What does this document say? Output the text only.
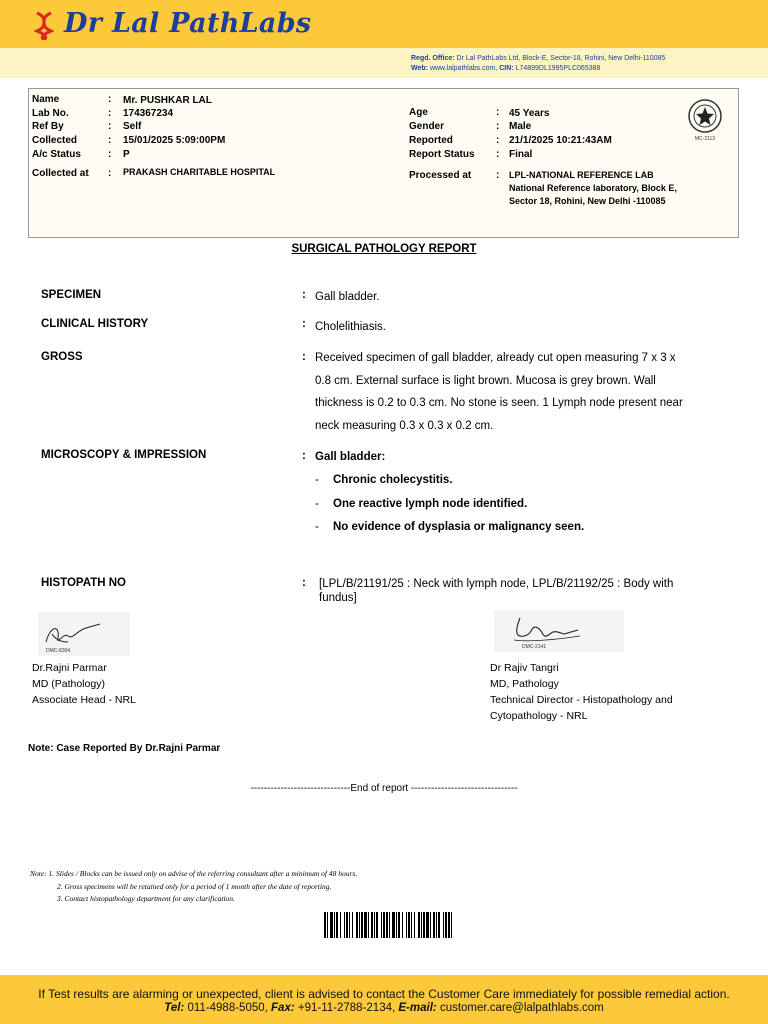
Dr Lal PathLabs
Regd. Office: Dr Lal PathLabs Ltd, Block-E, Sector-18, Rohini, New Delhi-110085
Web: www.lalpathlabs.com, CIN: L74899DL1995PLC065388
Name	: Mr. PUSHKAR LAL
Lab No.	: 174367234
Ref By	: Self
Collected	: 15/01/2025 5:09:00PM
A/c Status	: P
Collected at : PRAKASH CHARITABLE HOSPITAL
Age	: 45 Years
Gender	: Male
Reported	: 21/1/2025 10:21:43AM
Report Status : Final
Processed at : LPL-NATIONAL REFERENCE LAB
National Reference laboratory, Block E,
Sector 18, Rohini, New Delhi -110085
MC-2113
SURGICAL PATHOLOGY REPORT
SPECIMEN	: Gall bladder.
CLINICAL HISTORY	: Cholelithiasis.
GROSS	: Received specimen of gall bladder, already cut open measuring 7 x 3 x 0.8 cm. External surface is light brown. Mucosa is grey brown. Wall thickness is 0.2 to 0.3 cm. No stone is seen. 1 Lymph node present near neck measuring 0.3 x 0.3 x 0.2 cm.
MICROSCOPY & IMPRESSION	: Gall bladder:
- Chronic cholecystitis.
- One reactive lymph node identified.
- No evidence of dysplasia or malignancy seen.
HISTOPATH NO	: [LPL/B/21191/25 : Neck with lymph node, LPL/B/21192/25 : Body with fundus]
DMC-8304
DMC-2141
Dr.Rajni Parmar
MD (Pathology)
Associate Head - NRL
Dr Rajiv Tangri
MD, Pathology
Technical Director - Histopathology and
Cytopathology - NRL
Note: Case Reported By Dr.Rajni Parmar
------------------------------End of report --------------------------------
Note: 1. Slides / Blocks can be issued only on advise of the referring consultant after a minimum of 48 hours.
2. Gross specimens will be retained only for a period of 1 month after the date of reporting.
3. Contact histopathology department for any clarification.
If Test results are alarming or unexpected, client is advised to contact the Customer Care immediately for possible remedial action.
Tel: 011-4988-5050, Fax: +91-11-2788-2134, E-mail: customer.care@lalpathlabs.com
